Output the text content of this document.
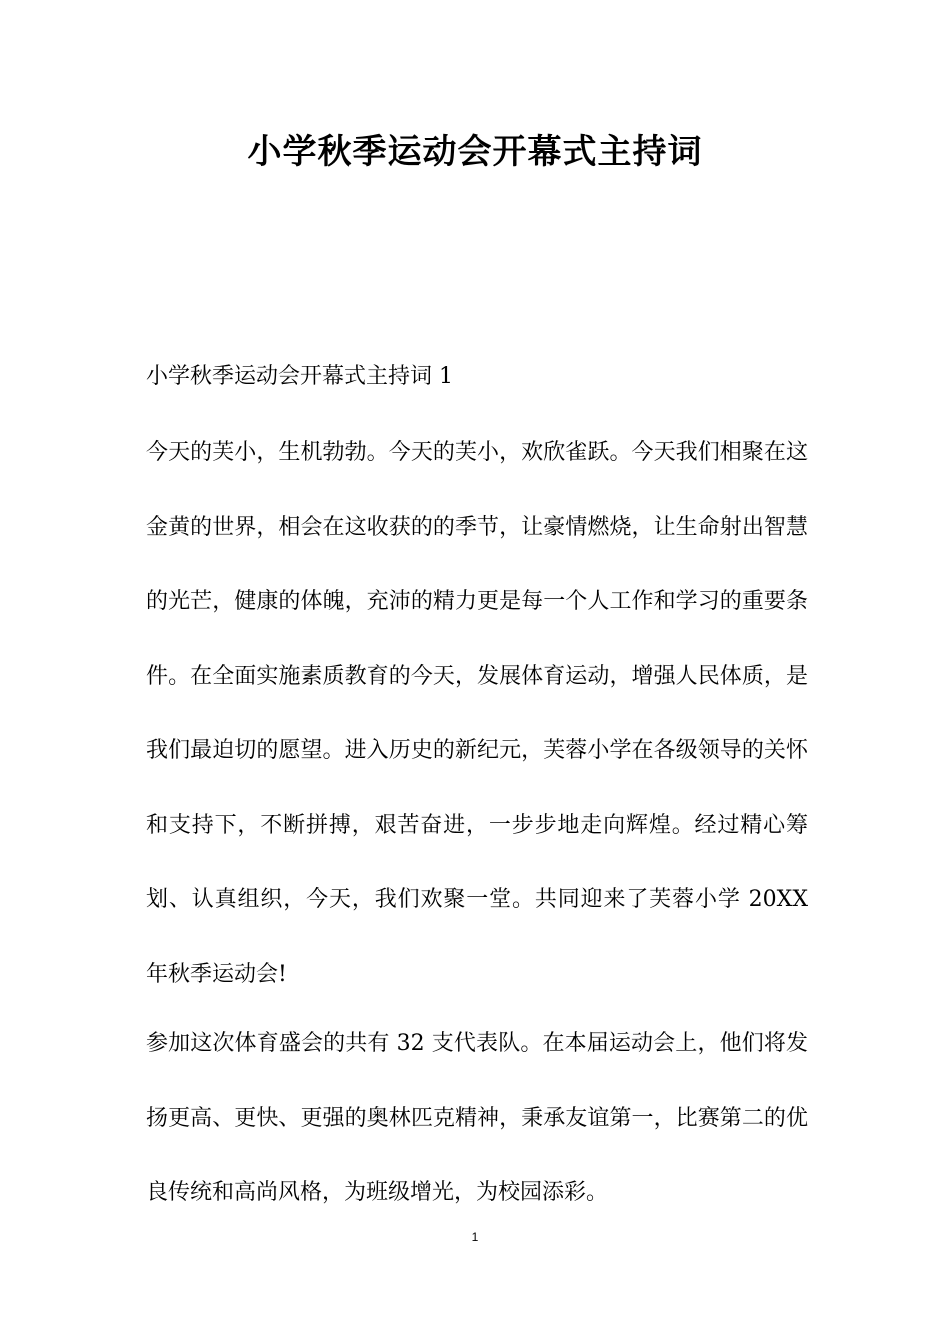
小学秋季运动会开幕式主持词
小学秋季运动会开幕式主持词 1

今天的芙小，生机勃勃。今天的芙小，欢欣雀跃。今天我们相聚在这金黄的世界，相会在这收获的的季节，让豪情燃烧，让生命射出智慧的光芒，健康的体魄，充沛的精力更是每一个人工作和学习的重要条件。在全面实施素质教育的今天，发展体育运动，增强人民体质，是我们最迫切的愿望。进入历史的新纪元，芙蓉小学在各级领导的关怀和支持下，不断拼搏，艰苦奋进，一步步地走向辉煌。经过精心筹划、认真组织，今天，我们欢聚一堂。共同迎来了芙蓉小学 20XX 年秋季运动会!

参加这次体育盛会的共有 32 支代表队。在本届运动会上，他们将发扬更高、更快、更强的奥林匹克精神，秉承友谊第一，比赛第二的优良传统和高尚风格，为班级增光，为校园添彩。

1
